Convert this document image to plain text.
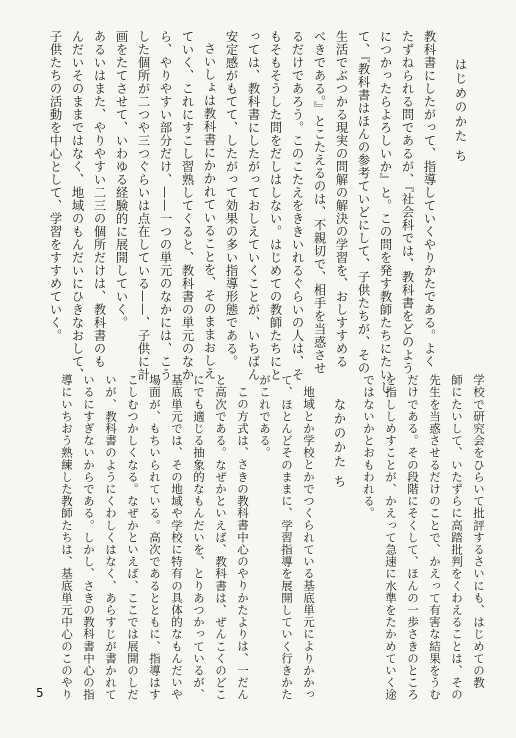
はじめのかた ち
教科書にしたがって、指導していくやりかたである。よく
たずねられる問であるが、『社会科では、教科書をどのよう
につかったらよろしいか』と。この問を発す教師たちにたいし
て、『教科書はほんの参考ていどにして、子供たちが、その
生活でぶつかる現実の問解の解決の学習を、おしすすめる
べきである。』とこたえるのは、不親切で、相手を当惑させ
るだけであろう。このこたえをききいれるぐらいの人は、そ
もそもそうした問をだしはしない。はじめての教師たちにと
っては、教科書にしたがっておしえていくことが、いちばん
安定感がもてて、したがって効果の多い指導形態である。
さいしょは教科書にかかれていることを、そのままおしえ
ていく、これにすこし習熟してくると、教科書の単元のなか
ら、やりやすい部分だけ、——一つの単元のなかには、こう
した個所が二つや三つぐらいは点在している——、子供に計
画をたてさせて、いわゆる経験的に展開していく。
あるいはまた、やりやすい二三の個所だけは、教科書のも
んだいそのままではなく、地域のもんだいにひきなおして、
子供たちの活動を中心として、学習をすすめていく。
学校で研究会をひらいて批評するさいにも、はじめての教
師にたいして、いたずらに高踏批判をくわえることは、その
先生を当惑させるだけのことで、かえって有害な結果をうむ
だけである。その段階にそくして、ほんの一歩さきのところ
を指ししめすことが、かえって急速に水準をたかめていく途
ではないかとおもわれる。
なかのかた ち
地域とか学校とかでつくられている基底単元によりかかっ
て、ほとんどそのままに、学習指導を展開していく行きかた
がこれである。
この方式は、さきの教科書中心のやりかたよりは、一だん
と高次である。なぜかといえば、教科書は、ぜんこくのどこ
にでも適じる抽象的なもんだいを、とりあつかっているが、
基底単元では、その地域や学校に特有の具体的なもんだいや
場面が、もちいられている。高次であるとともに、指導はす
こしむつかしくなる。なぜかといえば、ここでは展開のしだ
いが、教科書のようにくわしくはなく、あらすじが書かれて
いるにすぎないからである。しかし、さきの教科書中心の指
導にいちおう熟練した教師たちは、基底単元中心のこのやり
5
